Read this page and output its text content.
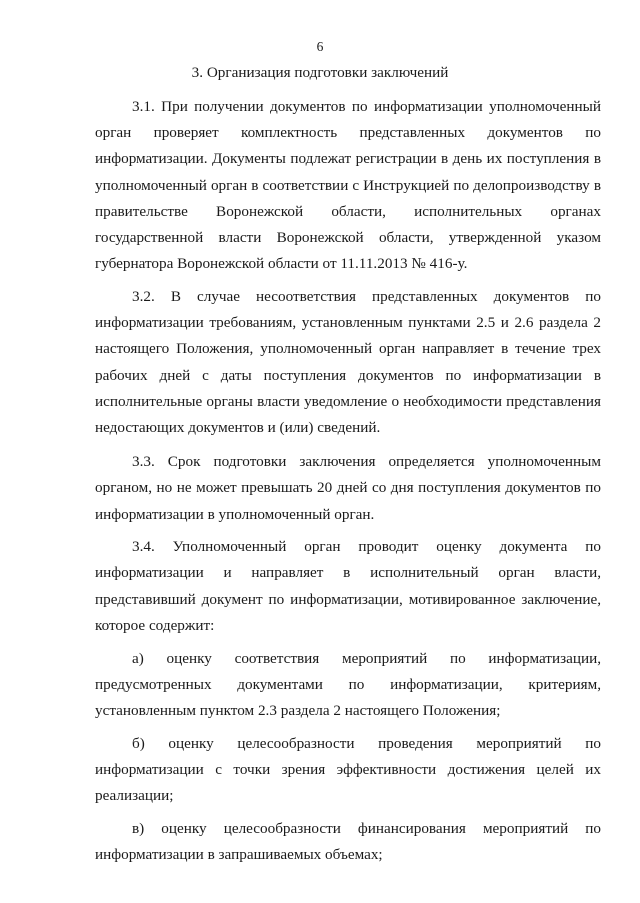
6
3. Организация подготовки заключений

3.1. При получении документов по информатизации уполномоченный орган проверяет комплектность представленных документов по информатизации. Документы подлежат регистрации в день их поступления в уполномоченный орган в соответствии с Инструкцией по делопроизводству в правительстве Воронежской области, исполнительных органах государственной власти Воронежской области, утвержденной указом губернатора Воронежской области от 11.11.2013 № 416-у.

3.2. В случае несоответствия представленных документов по информатизации требованиям, установленным пунктами 2.5 и 2.6 раздела 2 настоящего Положения, уполномоченный орган направляет в течение трех рабочих дней с даты поступления документов по информатизации в исполнительные органы власти уведомление о необходимости представления недостающих документов и (или) сведений.

3.3. Срок подготовки заключения определяется уполномоченным органом, но не может превышать 20 дней со дня поступления документов по информатизации в уполномоченный орган.

3.4. Уполномоченный орган проводит оценку документа по информатизации и направляет в исполнительный орган власти, представивший документ по информатизации, мотивированное заключение, которое содержит:

а) оценку соответствия мероприятий по информатизации, предусмотренных документами по информатизации, критериям, установленным пунктом 2.3 раздела 2 настоящего Положения;

б) оценку целесообразности проведения мероприятий по информатизации с точки зрения эффективности достижения целей их реализации;

в) оценку целесообразности финансирования мероприятий по информатизации в запрашиваемых объемах;
